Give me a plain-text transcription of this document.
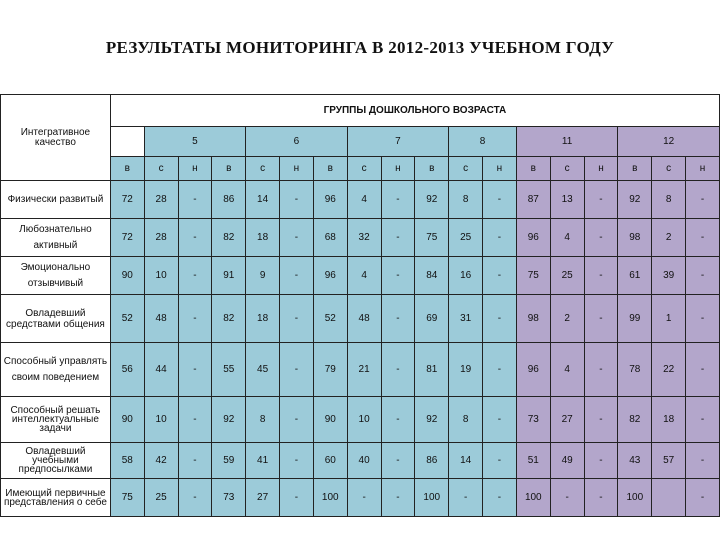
РЕЗУЛЬТАТЫ МОНИТОРИНГА В 2012-2013 УЧЕБНОМ ГОДУ
Интегративное качество	ГРУППЫ ДОШКОЛЬНОГО ВОЗРАСТА																	
		5			6			7			8		11			12		
	в	с	н	в	с	н	в	с	н	в	с	н	в	с	н	в	с	н
Физически развитый	72	28	-	86	14	-	96	4	-	92	8	-	87	13	-	92	8	-
Любознательно активный	72	28	-	82	18	-	68	32	-	75	25	-	96	4	-	98	2	-
Эмоционально отзывчивый	90	10	-	91	9	-	96	4	-	84	16	-	75	25	-	61	39	-
Овладевший средствами общения	52	48	-	82	18	-	52	48	-	69	31	-	98	2	-	99	1	-
Способный управлять своим поведением	56	44	-	55	45	-	79	21	-	81	19	-	96	4	-	78	22	-
Способный решать интеллектуальные задачи	90	10	-	92	8	-	90	10	-	92	8	-	73	27	-	82	18	-
Овладевший учебными предпосылками	58	42	-	59	41	-	60	40	-	86	14	-	51	49	-	43	57	-
Имеющий первичные представления о себе	75	25	-	73	27	-	100	-	-	100	-	-	100	-	-	100		-
